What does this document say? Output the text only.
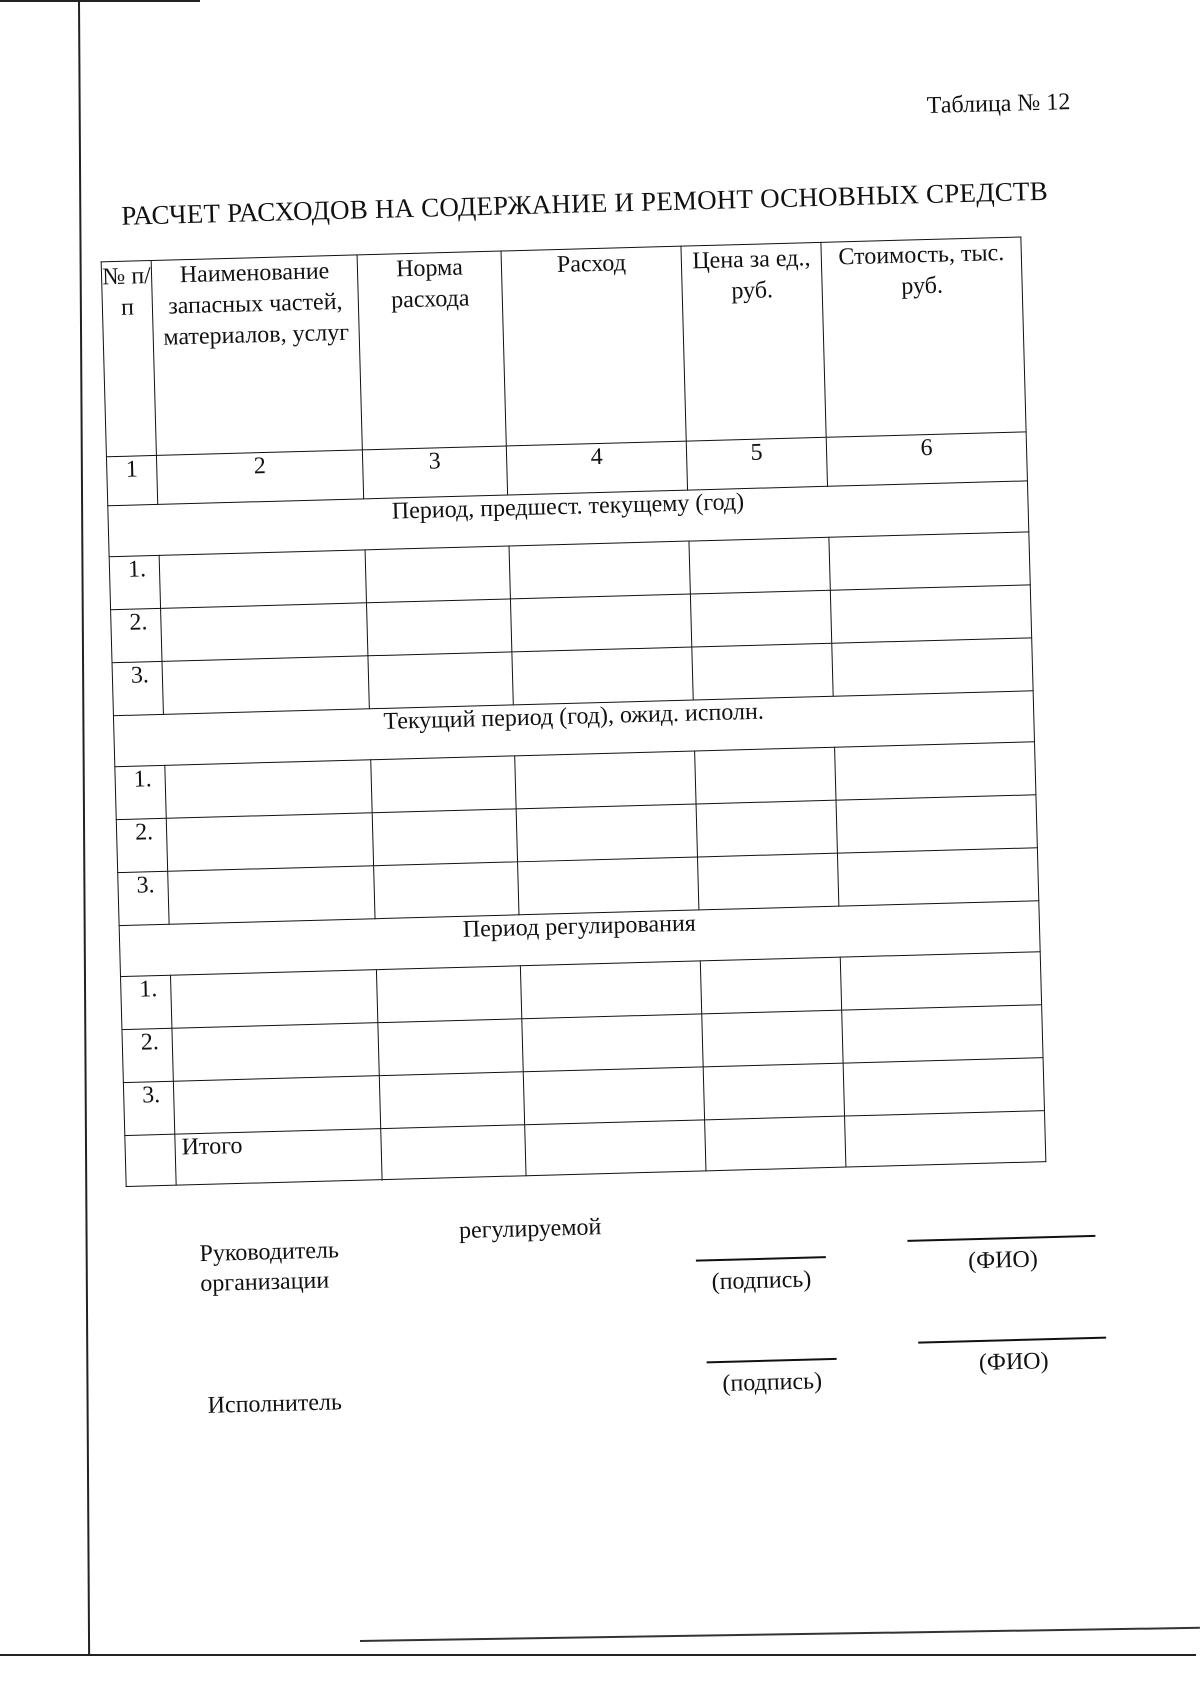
Таблица № 12
РАСЧЕТ РАСХОДОВ НА СОДЕРЖАНИЕ И РЕМОНТ ОСНОВНЫХ СРЕДСТВ
№ п/п	Наименование запасных частей, материалов, услуг	Норма расхода	Расход	Цена за ед., руб.	Стоимость, тыс. руб.
1	2	3	4	5	6
Период, предшест. текущему (год)					
1.					
2.					
3.					
Текущий период (год), ожид. исполн.					
1.					
2.					
3.					
Период регулирования					
1.					
2.					
3.					
	Итого				
Руководитель
организации
регулируемой
(подпись)
(ФИО)
Исполнитель
(подпись)
(ФИО)
